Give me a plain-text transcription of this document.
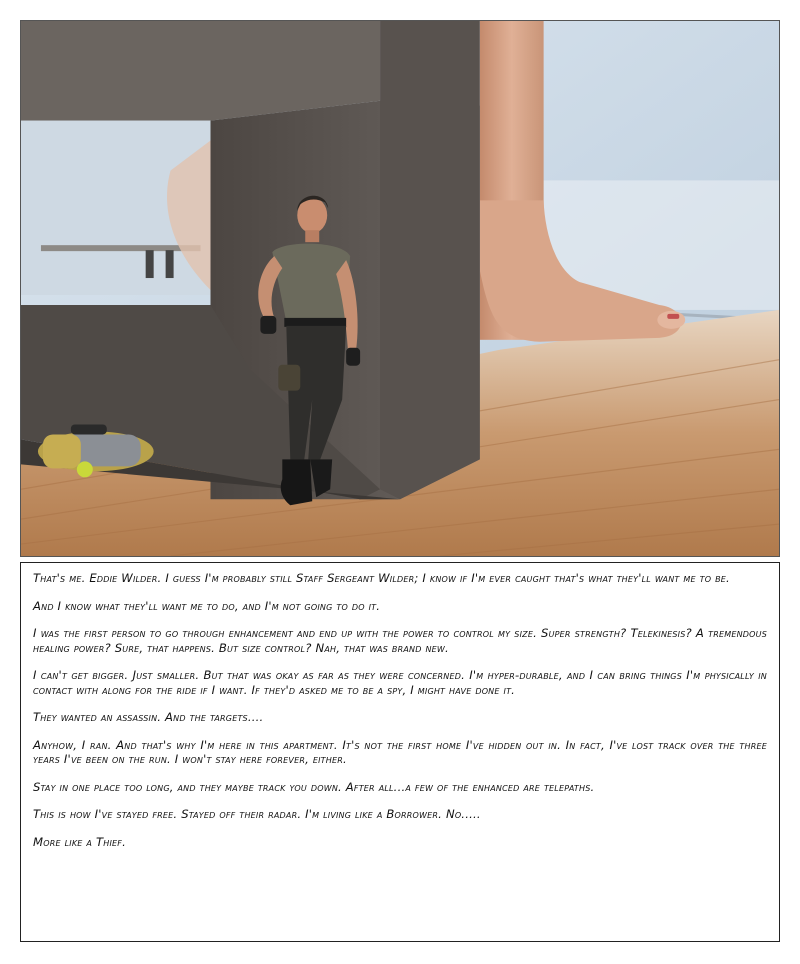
That's me. Eddie Wilder. I guess I'm probably still Staff Sergeant Wilder; I know if I'm ever caught that's what they'll want me to be.

And I know what they'll want me to do, and I'm not going to do it.

I was the first person to go through enhancement and end up with the power to control my size. Super strength? Telekinesis? A tremendous healing power? Sure, that happens. But size control? Nah, that was brand new.

I can't get bigger. Just smaller. But that was okay as far as they were concerned. I'm hyper-durable, and I can bring things I'm physically in contact with along for the ride if I want. If they'd asked me to be a spy, I might have done it.

They wanted an assassin. And the targets....

Anyhow, I ran. And that's why I'm here in this apartment. It's not the first home I've hidden out in. In fact, I've lost track over the three years I've been on the run. I won't stay here forever, either.

Stay in one place too long, and they maybe track you down. After all...a few of the enhanced are telepaths.

This is how I've stayed free. Stayed off their radar. I'm living like a Borrower. No.....

More like a Thief.
